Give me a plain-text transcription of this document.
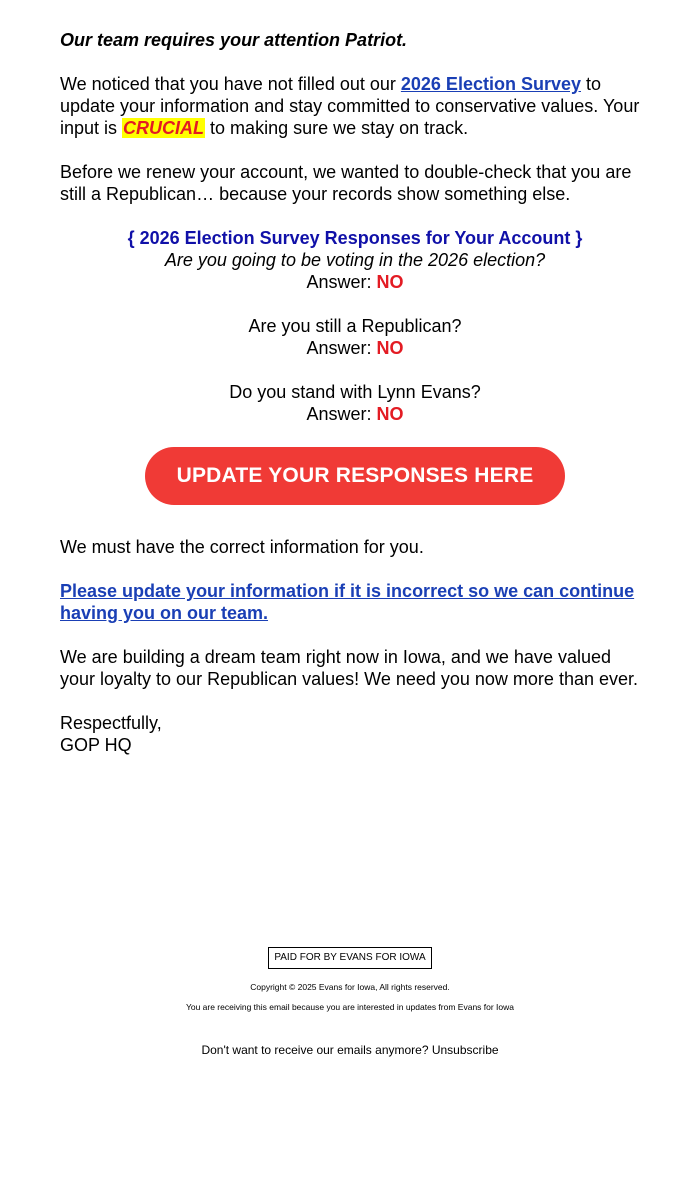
Our team requires your attention Patriot.

We noticed that you have not filled out our 2026 Election Survey to update your information and stay committed to conservative values. Your input is CRUCIAL to making sure we stay on track.

Before we renew your account, we wanted to double-check that you are still a Republican… because your records show something else.

{ 2026 Election Survey Responses for Your Account }
Are you going to be voting in the 2026 election?
Answer: NO
Are you still a Republican?
Answer: NO
Do you stand with Lynn Evans?
Answer: NO
UPDATE YOUR RESPONSES HERE

We must have the correct information for you.

Please update your information if it is incorrect so we can continue having you on our team.

We are building a dream team right now in Iowa, and we have valued your loyalty to our Republican values! We need you now more than ever.

Respectfully,
GOP HQ
PAID FOR BY EVANS FOR IOWA
Copyright © 2025 Evans for Iowa, All rights reserved.
You are receiving this email because you are interested in updates from Evans for Iowa
Don't want to receive our emails anymore? Unsubscribe
